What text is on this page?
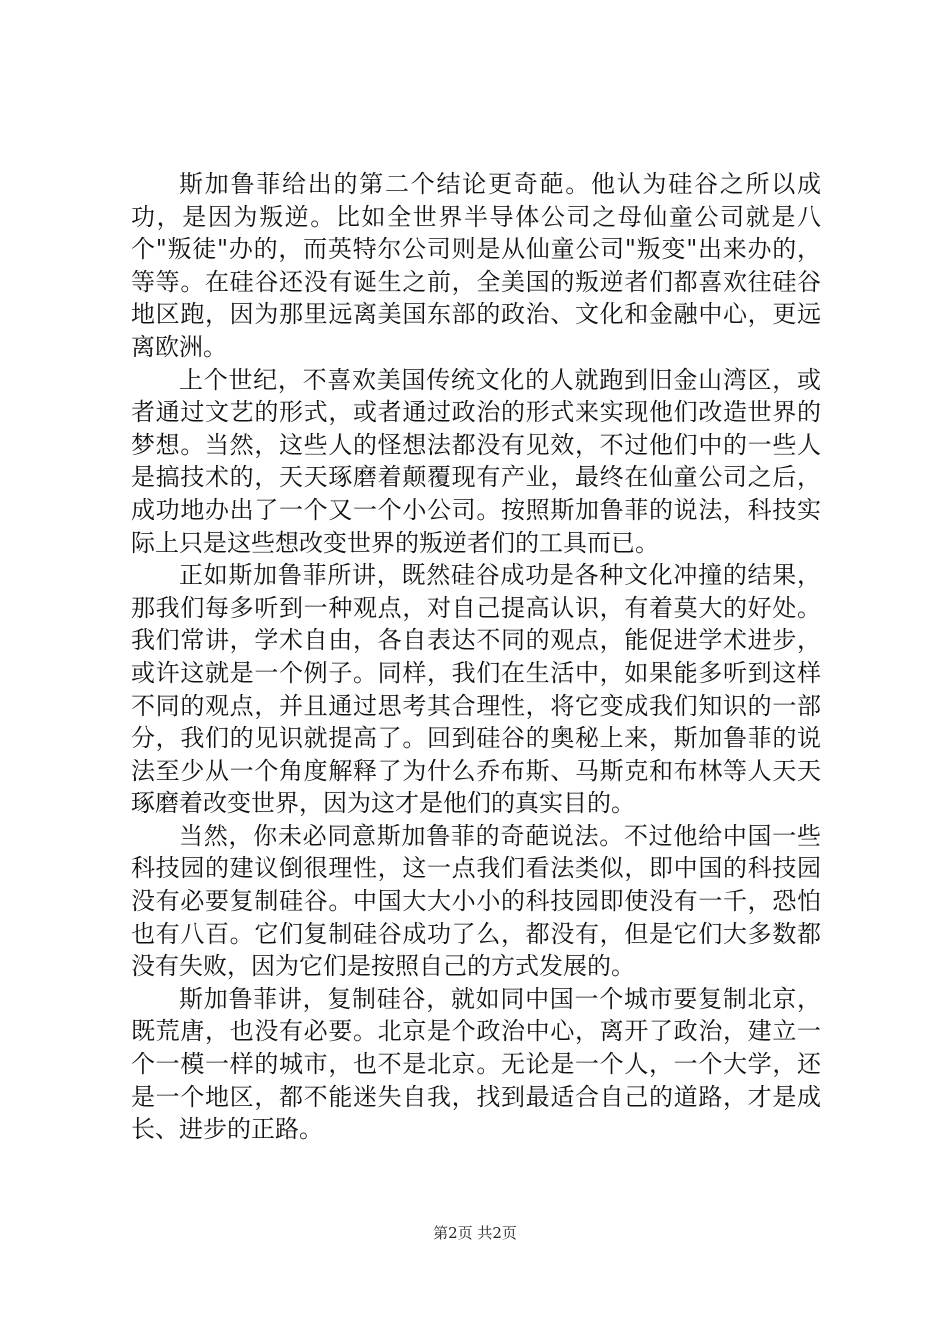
斯加鲁菲给出的第二个结论更奇葩。他认为硅谷之所以成功，是因为叛逆。比如全世界半导体公司之母仙童公司就是八个"叛徒"办的，而英特尔公司则是从仙童公司"叛变"出来办的，等等。在硅谷还没有诞生之前，全美国的叛逆者们都喜欢往硅谷地区跑，因为那里远离美国东部的政治、文化和金融中心，更远离欧洲。

上个世纪，不喜欢美国传统文化的人就跑到旧金山湾区，或者通过文艺的形式，或者通过政治的形式来实现他们改造世界的梦想。当然，这些人的怪想法都没有见效，不过他们中的一些人是搞技术的，天天琢磨着颠覆现有产业，最终在仙童公司之后，成功地办出了一个又一个小公司。按照斯加鲁菲的说法，科技实际上只是这些想改变世界的叛逆者们的工具而已。

正如斯加鲁菲所讲，既然硅谷成功是各种文化冲撞的结果，那我们每多听到一种观点，对自己提高认识，有着莫大的好处。我们常讲，学术自由，各自表达不同的观点，能促进学术进步，或许这就是一个例子。同样，我们在生活中，如果能多听到这样不同的观点，并且通过思考其合理性，将它变成我们知识的一部分，我们的见识就提高了。回到硅谷的奥秘上来，斯加鲁菲的说法至少从一个角度解释了为什么乔布斯、马斯克和布林等人天天琢磨着改变世界，因为这才是他们的真实目的。

当然，你未必同意斯加鲁菲的奇葩说法。不过他给中国一些科技园的建议倒很理性，这一点我们看法类似，即中国的科技园没有必要复制硅谷。中国大大小小的科技园即使没有一千，恐怕也有八百。它们复制硅谷成功了么，都没有，但是它们大多数都没有失败，因为它们是按照自己的方式发展的。

斯加鲁菲讲，复制硅谷，就如同中国一个城市要复制北京，既荒唐，也没有必要。北京是个政治中心，离开了政治，建立一个一模一样的城市，也不是北京。无论是一个人，一个大学，还是一个地区，都不能迷失自我，找到最适合自己的道路，才是成长、进步的正路。

第2页 共2页
